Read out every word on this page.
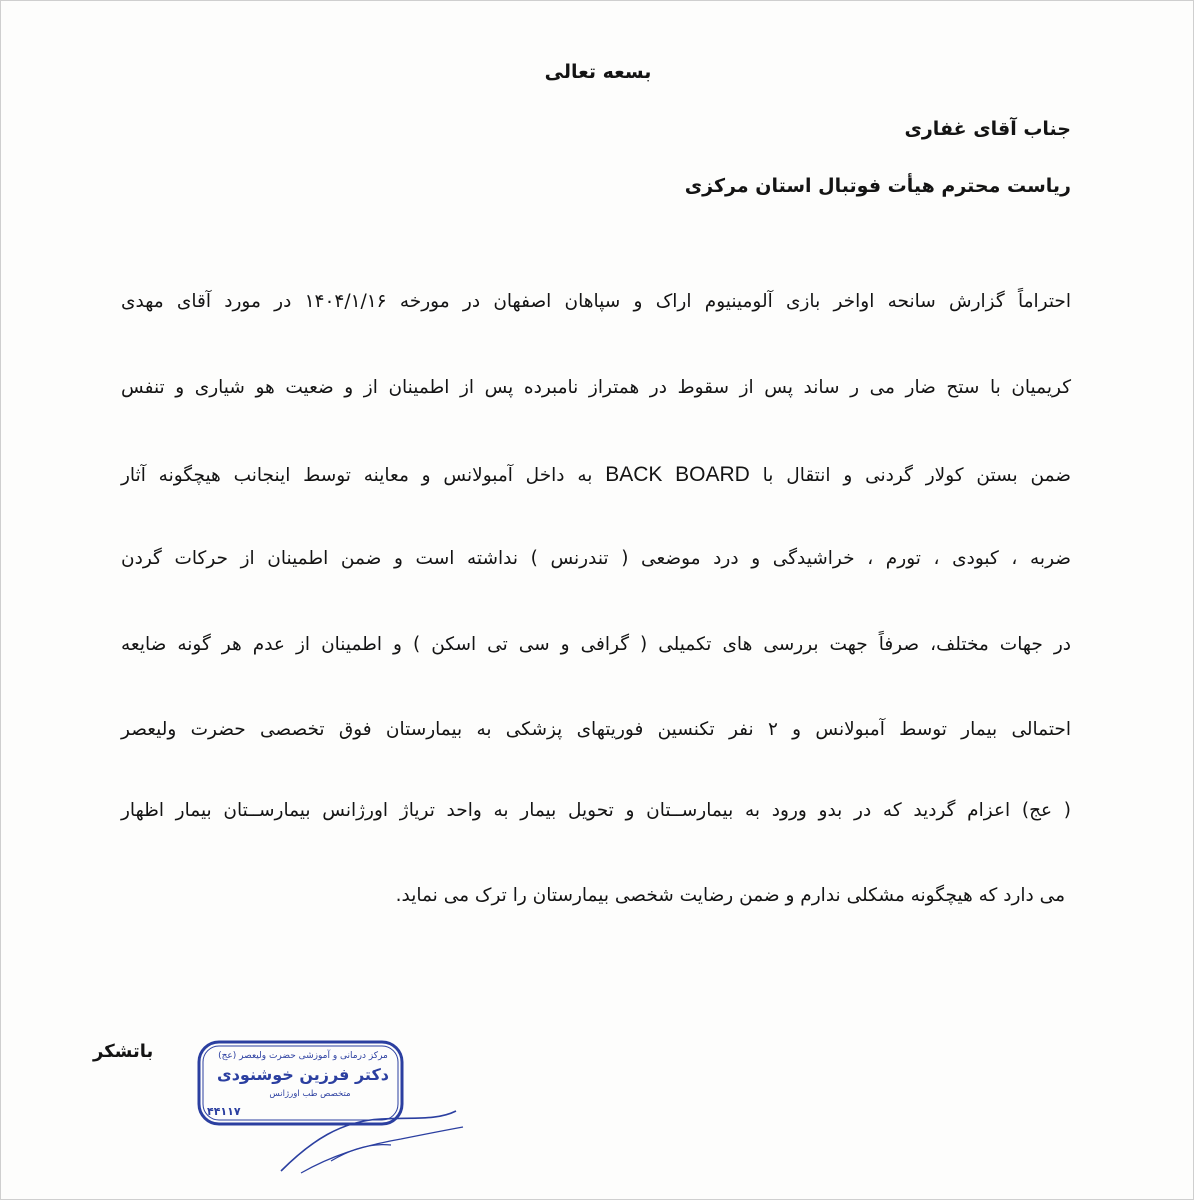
بسعه تعالی
جناب آقای غفاری
ریاست محترم هیأت فوتبال استان مرکزی
احتراماً گزارش سانحه اواخر بازی آلومینیوم اراک و سپاهان اصفهان در مورخه ۱۴۰۴/۱/۱۶ در مورد آقای مهدی
کریمیان با ستح ضار می ر ساند پس از سقوط در همتراز نامبرده پس از اطمینان از و ضعیت هو شیاری و تنفس
ضمن بستن کولار گردنی و انتقال با BACK BOARD به داخل آمبولانس و معاینه توسط اینجانب هیچگونه آثار
ضربه ، کبودی ، تورم ، خراشیدگی و درد موضعی ( تندرنس ) نداشته است و ضمن اطمینان از حرکات گردن
در جهات مختلف، صرفاً جهت بررسی های تکمیلی ( گرافی و سی تی اسکن ) و اطمینان از عدم هر گونه ضایعه
احتمالی بیمار توسط آمبولانس و ۲ نفر تکنسین فوریتهای پزشکی به بیمارستان فوق تخصصی حضرت ولیعصر
( عج) اعزام گردید که در بدو ورود به بیمارســتان و تحویل بیمار به واحد تریاژ اورژانس بیمارســتان بیمار اظهار
می دارد که هیچگونه مشکلی ندارم و ضمن رضایت شخصی بیمارستان را ترک می نماید.
باتشکر	مرکز درمانی و آموزشی حضرت ولیعصر (عج)
دکتر فرزین خوشنودی
متخصص طب اورژانس
۴۴۱۱۷
